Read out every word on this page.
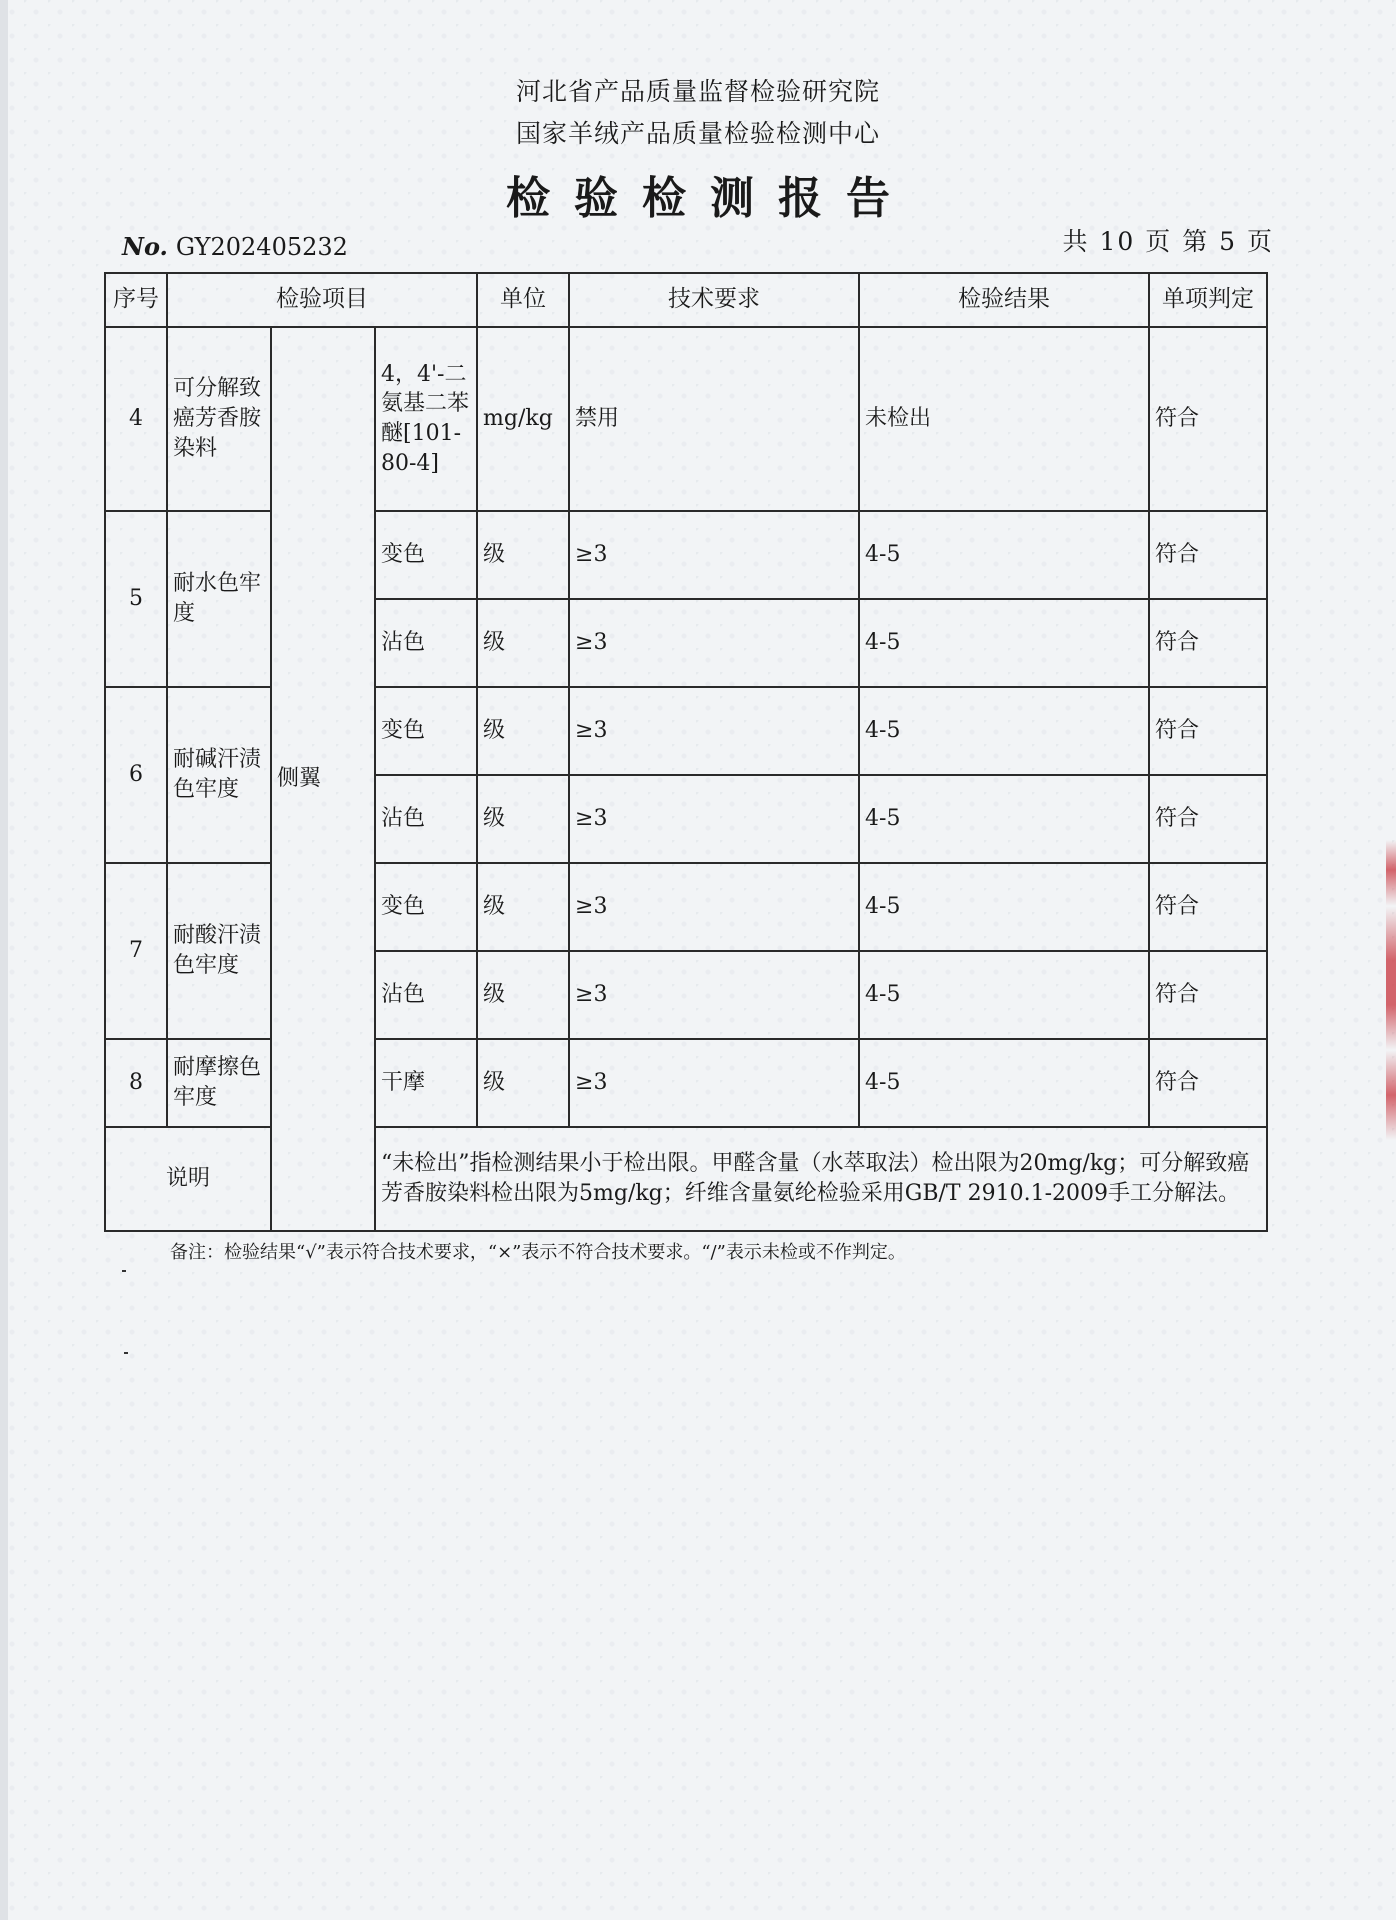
河北省产品质量监督检验研究院
国家羊绒产品质量检验检测中心
检验检测报告
No. GY202405232	共 10 页 第 5 页
序号	检验项目			单位	技术要求	检验结果	单项判定
4	可分解致癌芳香胺染料	侧翼	4，4'-二氨基二苯醚[101-80-4]	mg/kg	禁用	未检出	符合
5	耐水色牢度		变色	级	≥3	4-5	符合
			沾色	级	≥3	4-5	符合
6	耐碱汗渍色牢度		变色	级	≥3	4-5	符合
			沾色	级	≥3	4-5	符合
7	耐酸汗渍色牢度		变色	级	≥3	4-5	符合
			沾色	级	≥3	4-5	符合
8	耐摩擦色牢度		干摩	级	≥3	4-5	符合
说明			“未检出”指检测结果小于检出限。甲醛含量（水萃取法）检出限为20mg/kg；可分解致癌芳香胺染料检出限为5mg/kg；纤维含量氨纶检验采用GB/T 2910.1-2009手工分解法。				
备注：检验结果“√”表示符合技术要求，“×”表示不符合技术要求。“/”表示未检或不作判定。
